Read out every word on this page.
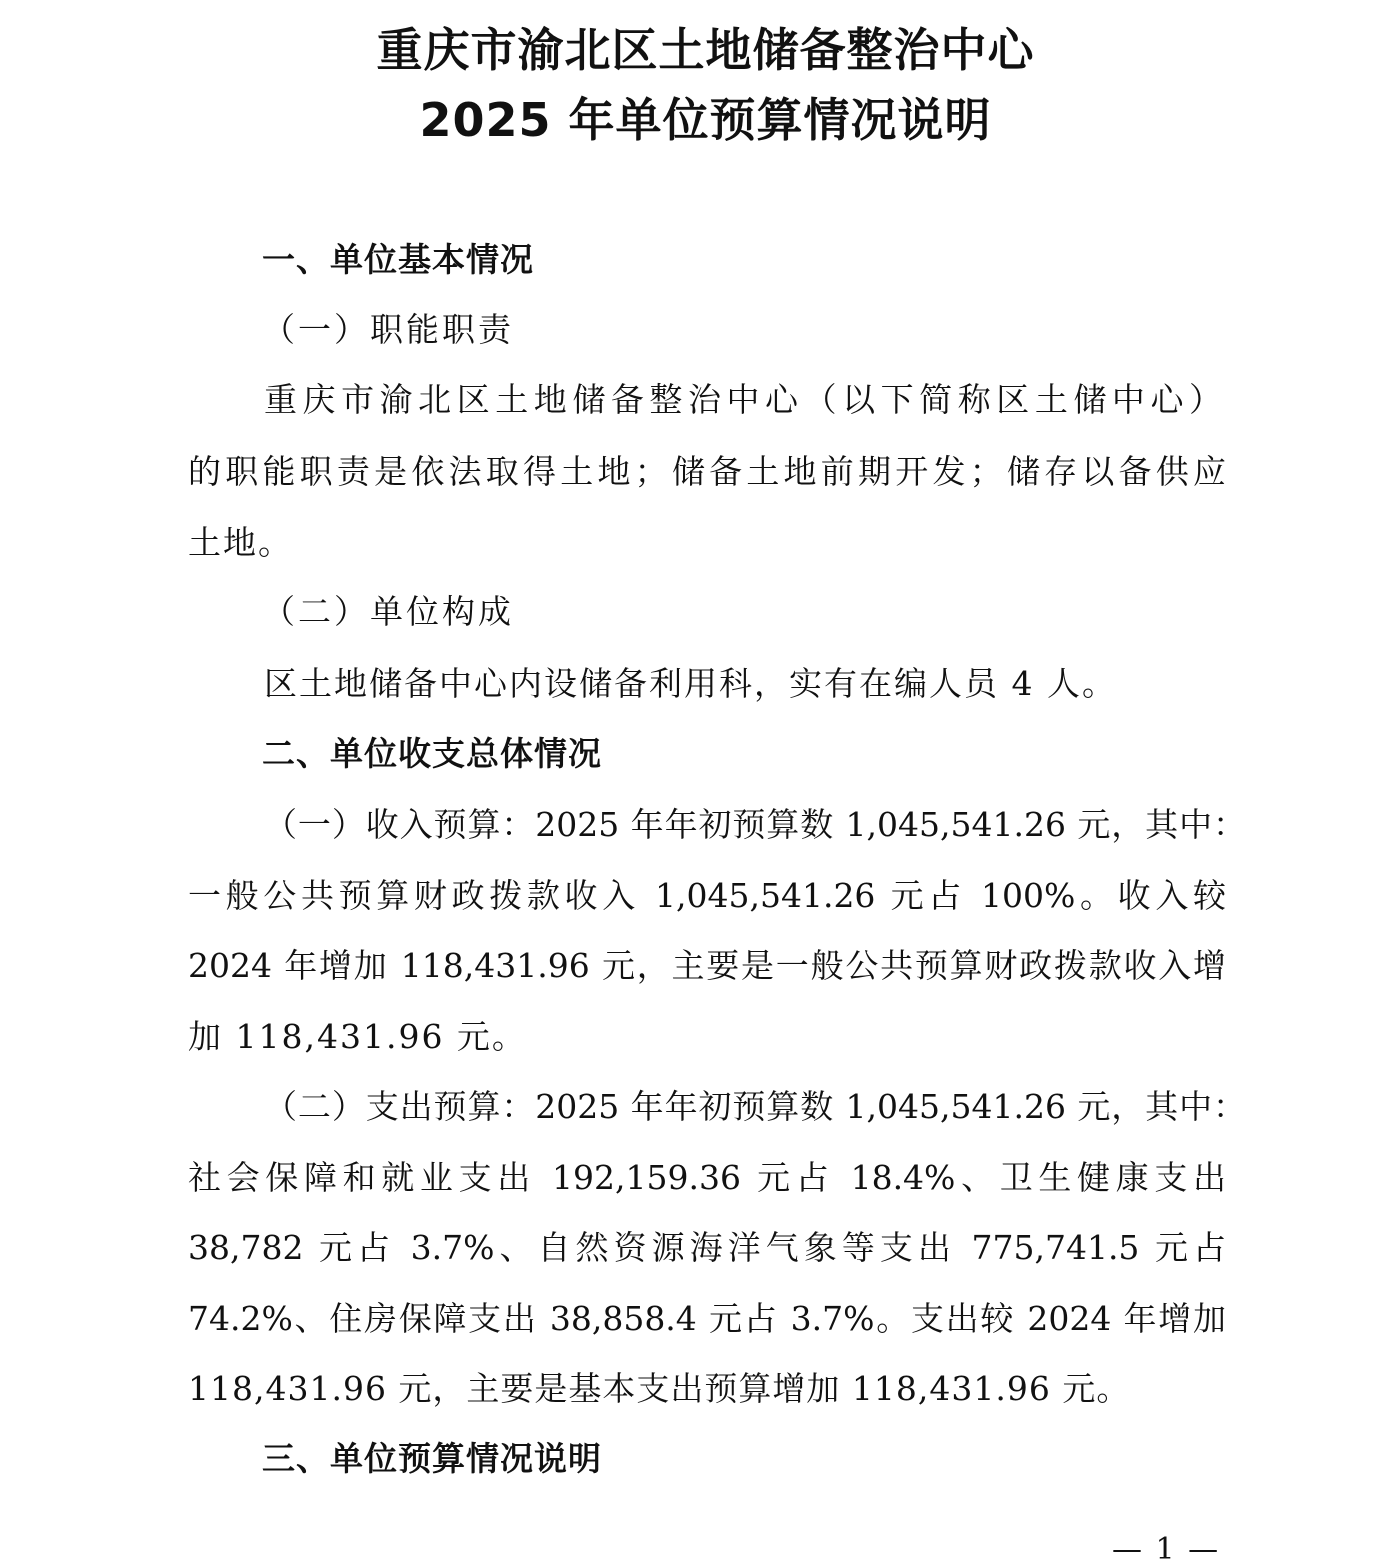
重庆市渝北区土地储备整治中心
2025 年单位预算情况说明
一、单位基本情况
（一）职能职责
重庆市渝北区土地储备整治中心（以下简称区土储中心）
的职能职责是依法取得土地；储备土地前期开发；储存以备供应
土地。
（二）单位构成
区土地储备中心内设储备利用科，实有在编人员 4 人。
二、单位收支总体情况
（一）收入预算：2025 年年初预算数 1,045,541.26 元，其中：
一般公共预算财政拨款收入 1,045,541.26 元占 100%。收入较
2024 年增加 118,431.96 元，主要是一般公共预算财政拨款收入增
加 118,431.96 元。
（二）支出预算：2025 年年初预算数 1,045,541.26 元，其中：
社会保障和就业支出 192,159.36 元占 18.4%、卫生健康支出
38,782 元占 3.7%、自然资源海洋气象等支出 775,741.5 元占
74.2%、住房保障支出 38,858.4 元占 3.7%。支出较 2024 年增加
118,431.96 元，主要是基本支出预算增加 118,431.96 元。
三、单位预算情况说明
— 1 —
